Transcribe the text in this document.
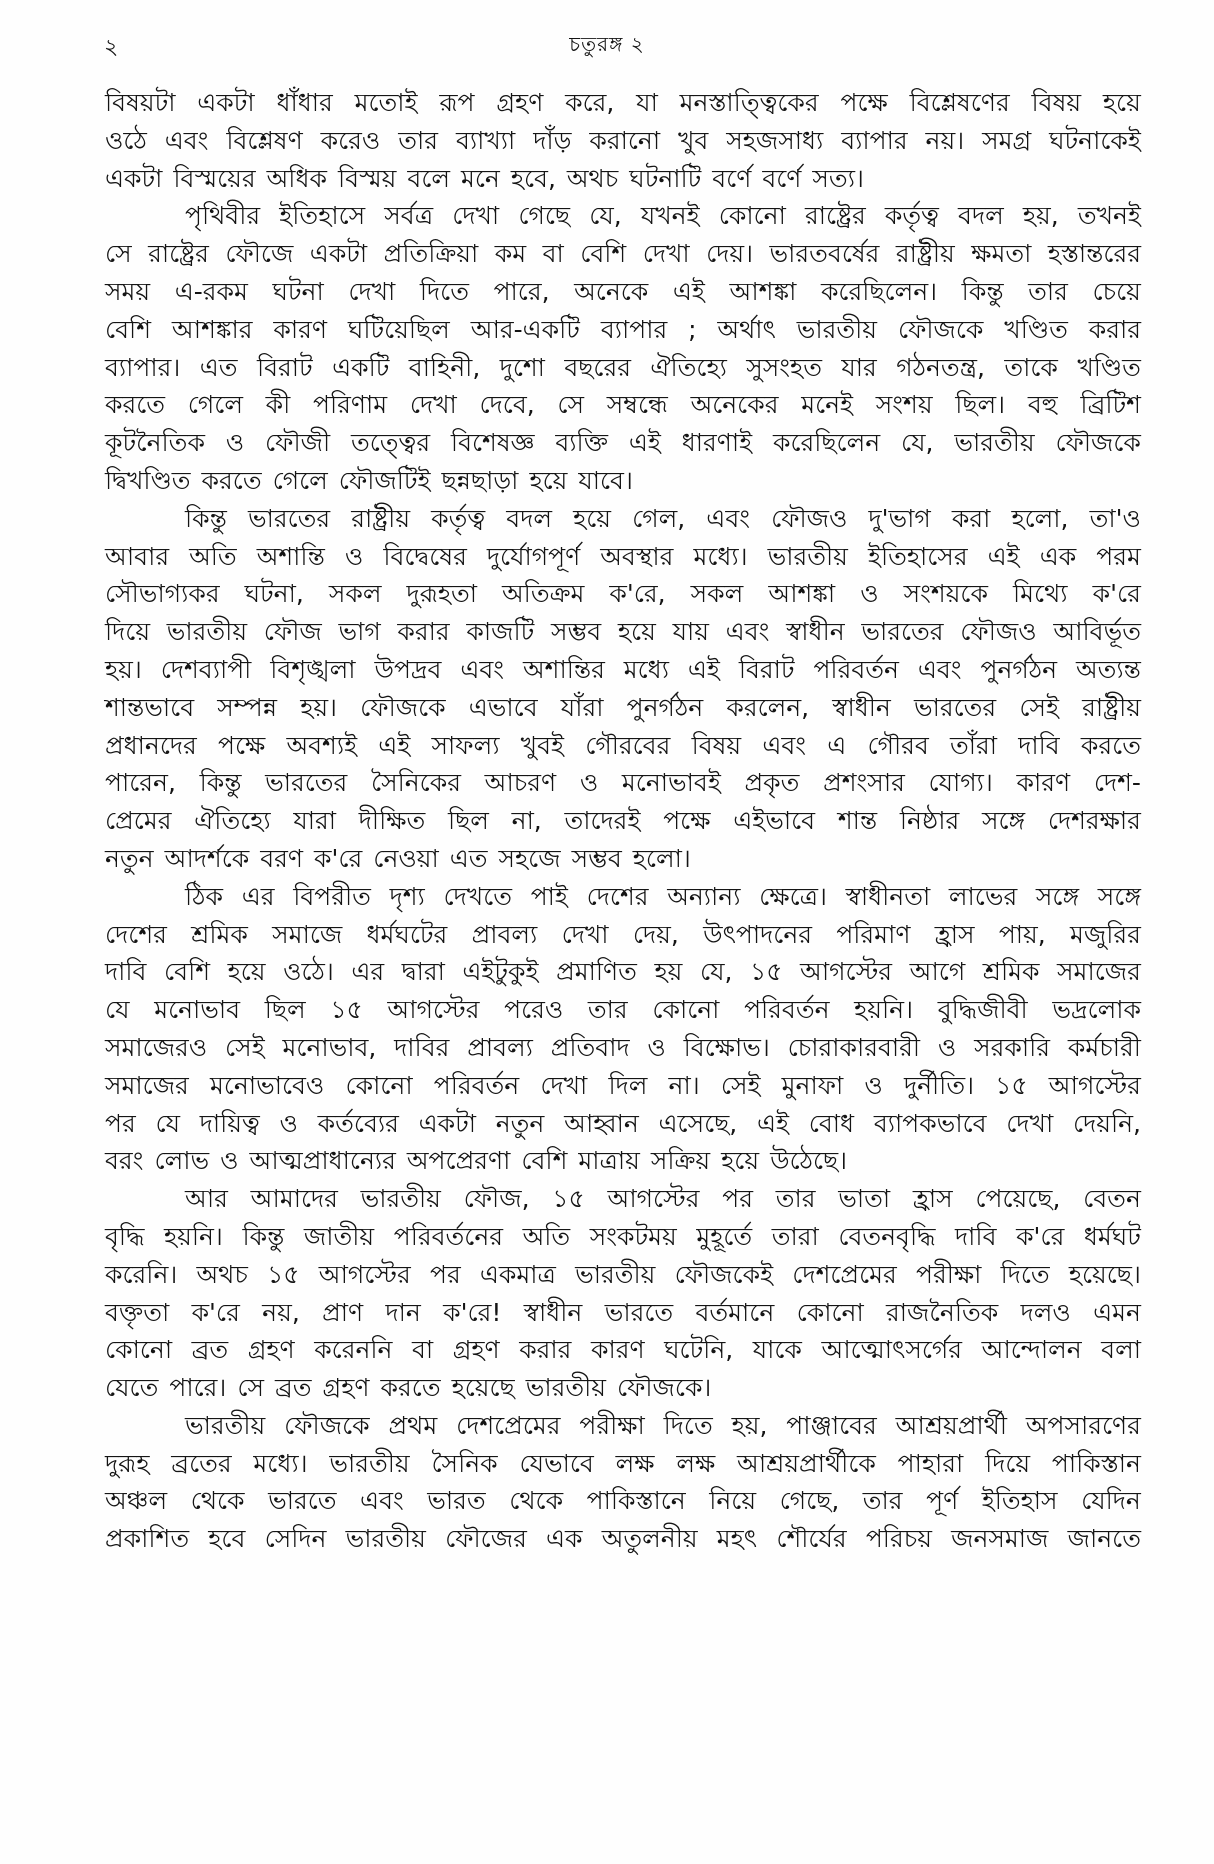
২	চতুরঙ্গ ২
বিষয়টা একটা ধাঁধার মতোই রূপ গ্রহণ করে, যা মনস্তাত্ত্বিকের পক্ষে বিশ্লেষণের বিষয় হয়ে
ওঠে এবং বিশ্লেষণ করেও তার ব্যাখ্যা দাঁড় করানো খুব সহজসাধ্য ব্যাপার নয়। সমগ্র ঘটনাকেই
একটা বিস্ময়ের অধিক বিস্ময় বলে মনে হবে, অথচ ঘটনাটি বর্ণে বর্ণে সত্য।
পৃথিবীর ইতিহাসে সর্বত্র দেখা গেছে যে, যখনই কোনো রাষ্ট্রের কর্তৃত্ব বদল হয়, তখনই
সে রাষ্ট্রের ফৌজে একটা প্রতিক্রিয়া কম বা বেশি দেখা দেয়। ভারতবর্ষের রাষ্ট্রীয় ক্ষমতা হস্তান্তরের
সময় এ-রকম ঘটনা দেখা দিতে পারে, অনেকে এই আশঙ্কা করেছিলেন। কিন্তু তার চেয়ে
বেশি আশঙ্কার কারণ ঘটিয়েছিল আর-একটি ব্যাপার ; অর্থাৎ ভারতীয় ফৌজকে খণ্ডিত করার
ব্যাপার। এত বিরাট একটি বাহিনী, দুশো বছরের ঐতিহ্যে সুসংহত যার গঠনতন্ত্র, তাকে খণ্ডিত
করতে গেলে কী পরিণাম দেখা দেবে, সে সম্বন্ধে অনেকের মনেই সংশয় ছিল। বহু ব্রিটিশ
কূটনৈতিক ও ফৌজী তত্ত্বের বিশেষজ্ঞ ব্যক্তি এই ধারণাই করেছিলেন যে, ভারতীয় ফৌজকে
দ্বিখণ্ডিত করতে গেলে ফৌজটিই ছন্নছাড়া হয়ে যাবে।
কিন্তু ভারতের রাষ্ট্রীয় কর্তৃত্ব বদল হয়ে গেল, এবং ফৌজও দু'ভাগ করা হলো, তা'ও
আবার অতি অশান্তি ও বিদ্বেষের দুর্যোগপূর্ণ অবস্থার মধ্যে। ভারতীয় ইতিহাসের এই এক পরম
সৌভাগ্যকর ঘটনা, সকল দুরূহতা অতিক্রম ক'রে, সকল আশঙ্কা ও সংশয়কে মিথ্যে ক'রে
দিয়ে ভারতীয় ফৌজ ভাগ করার কাজটি সম্ভব হয়ে যায় এবং স্বাধীন ভারতের ফৌজও আবির্ভূত
হয়। দেশব্যাপী বিশৃঙ্খলা উপদ্রব এবং অশান্তির মধ্যে এই বিরাট পরিবর্তন এবং পুনর্গঠন অত্যন্ত
শান্তভাবে সম্পন্ন হয়। ফৌজকে এভাবে যাঁরা পুনর্গঠন করলেন, স্বাধীন ভারতের সেই রাষ্ট্রীয়
প্রধানদের পক্ষে অবশ্যই এই সাফল্য খুবই গৌরবের বিষয় এবং এ গৌরব তাঁরা দাবি করতে
পারেন, কিন্তু ভারতের সৈনিকের আচরণ ও মনোভাবই প্রকৃত প্রশংসার যোগ্য। কারণ দেশ-
প্রেমের ঐতিহ্যে যারা দীক্ষিত ছিল না, তাদেরই পক্ষে এইভাবে শান্ত নিষ্ঠার সঙ্গে দেশরক্ষার
নতুন আদর্শকে বরণ ক'রে নেওয়া এত সহজে সম্ভব হলো।
ঠিক এর বিপরীত দৃশ্য দেখতে পাই দেশের অন্যান্য ক্ষেত্রে। স্বাধীনতা লাভের সঙ্গে সঙ্গে
দেশের শ্রমিক সমাজে ধর্মঘটের প্রাবল্য দেখা দেয়, উৎপাদনের পরিমাণ হ্রাস পায়, মজুরির
দাবি বেশি হয়ে ওঠে। এর দ্বারা এইটুকুই প্রমাণিত হয় যে, ১৫ আগস্টের আগে শ্রমিক সমাজের
যে মনোভাব ছিল ১৫ আগস্টের পরেও তার কোনো পরিবর্তন হয়নি। বুদ্ধিজীবী ভদ্রলোক
সমাজেরও সেই মনোভাব, দাবির প্রাবল্য প্রতিবাদ ও বিক্ষোভ। চোরাকারবারী ও সরকারি কর্মচারী
সমাজের মনোভাবেও কোনো পরিবর্তন দেখা দিল না। সেই মুনাফা ও দুর্নীতি। ১৫ আগস্টের
পর যে দায়িত্ব ও কর্তব্যের একটা নতুন আহ্বান এসেছে, এই বোধ ব্যাপকভাবে দেখা দেয়নি,
বরং লোভ ও আত্মপ্রাধান্যের অপপ্রেরণা বেশি মাত্রায় সক্রিয় হয়ে উঠেছে।
আর আমাদের ভারতীয় ফৌজ, ১৫ আগস্টের পর তার ভাতা হ্রাস পেয়েছে, বেতন
বৃদ্ধি হয়নি। কিন্তু জাতীয় পরিবর্তনের অতি সংকটময় মুহূর্তে তারা বেতনবৃদ্ধি দাবি ক'রে ধর্মঘট
করেনি। অথচ ১৫ আগস্টের পর একমাত্র ভারতীয় ফৌজকেই দেশপ্রেমের পরীক্ষা দিতে হয়েছে।
বক্তৃতা ক'রে নয়, প্রাণ দান ক'রে! স্বাধীন ভারতে বর্তমানে কোনো রাজনৈতিক দলও এমন
কোনো ব্রত গ্রহণ করেননি বা গ্রহণ করার কারণ ঘটেনি, যাকে আত্মোৎসর্গের আন্দোলন বলা
যেতে পারে। সে ব্রত গ্রহণ করতে হয়েছে ভারতীয় ফৌজকে।
ভারতীয় ফৌজকে প্রথম দেশপ্রেমের পরীক্ষা দিতে হয়, পাঞ্জাবের আশ্রয়প্রার্থী অপসারণের
দুরূহ ব্রতের মধ্যে। ভারতীয় সৈনিক যেভাবে লক্ষ লক্ষ আশ্রয়প্রার্থীকে পাহারা দিয়ে পাকিস্তান
অঞ্চল থেকে ভারতে এবং ভারত থেকে পাকিস্তানে নিয়ে গেছে, তার পূর্ণ ইতিহাস যেদিন
প্রকাশিত হবে সেদিন ভারতীয় ফৌজের এক অতুলনীয় মহৎ শৌর্যের পরিচয় জনসমাজ জানতে
